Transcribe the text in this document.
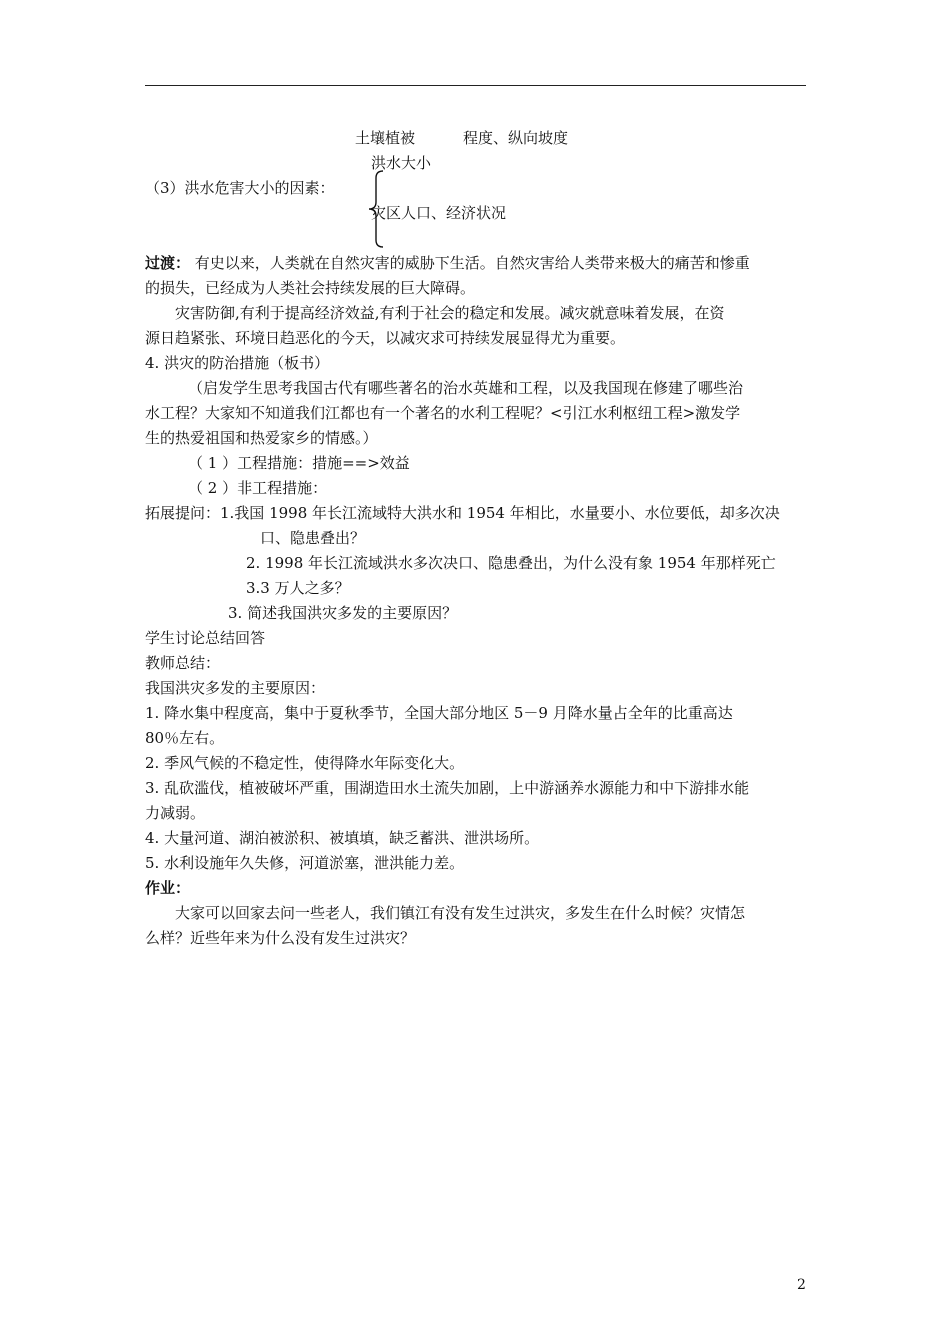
土壤植被	程度、纵向坡度
洪水大小
（3）洪水危害大小的因素：
灾区人口、经济状况
过渡： 有史以来，人类就在自然灾害的威胁下生活。自然灾害给人类带来极大的痛苦和惨重
的损失，已经成为人类社会持续发展的巨大障碍。
灾害防御,有利于提高经济效益,有利于社会的稳定和发展。减灾就意味着发展，在资
源日趋紧张、环境日趋恶化的今天，以减灾求可持续发展显得尤为重要。
4. 洪灾的防治措施（板书）
（启发学生思考我国古代有哪些著名的治水英雄和工程，以及我国现在修建了哪些治
水工程？大家知不知道我们江都也有一个著名的水利工程呢？<引江水利枢纽工程>激发学
生的热爱祖国和热爱家乡的情感。）
（ 1 ）工程措施：措施==>效益
（ 2 ）非工程措施：
拓展提问：1.我国 1998 年长江流域特大洪水和 1954 年相比，水量要小、水位要低，却多次决
口、隐患叠出？
2. 1998 年长江流域洪水多次决口、隐患叠出，为什么没有象 1954 年那样死亡
3.3 万人之多？
3. 简述我国洪灾多发的主要原因？
学生讨论总结回答
教师总结：
我国洪灾多发的主要原因：
1. 降水集中程度高，集中于夏秋季节，全国大部分地区 5－9 月降水量占全年的比重高达
80％左右。
2. 季风气候的不稳定性，使得降水年际变化大。
3. 乱砍滥伐，植被破坏严重，围湖造田水土流失加剧，上中游涵养水源能力和中下游排水能
力减弱。
4. 大量河道、湖泊被淤积、被填填，缺乏蓄洪、泄洪场所。
5. 水利设施年久失修，河道淤塞，泄洪能力差。
作业：
大家可以回家去问一些老人，我们镇江有没有发生过洪灾，多发生在什么时候？灾情怎
么样？近些年来为什么没有发生过洪灾？
2
